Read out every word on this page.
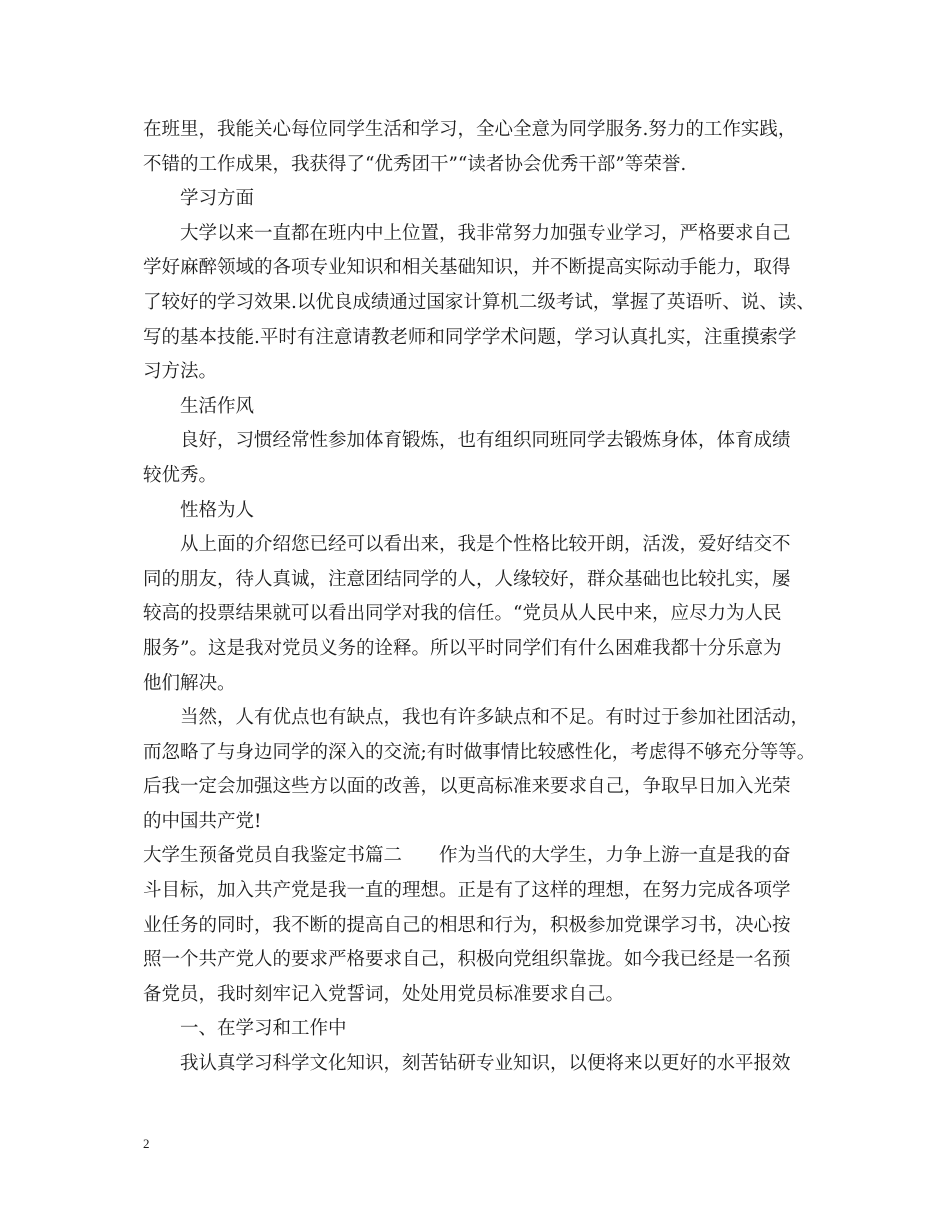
在班里，我能关心每位同学生活和学习，全心全意为同学服务.努力的工作实践，
不错的工作成果，我获得了“优秀团干”“读者协会优秀干部”等荣誉.
学习方面
大学以来一直都在班内中上位置，我非常努力加强专业学习，严格要求自己
学好麻醉领域的各项专业知识和相关基础知识，并不断提高实际动手能力，取得
了较好的学习效果.以优良成绩通过国家计算机二级考试，掌握了英语听、说、读、
写的基本技能.平时有注意请教老师和同学学术问题，学习认真扎实，注重摸索学
习方法。
生活作风
良好，习惯经常性参加体育锻炼，也有组织同班同学去锻炼身体，体育成绩
较优秀。
性格为人
从上面的介绍您已经可以看出来，我是个性格比较开朗，活泼，爱好结交不
同的朋友，待人真诚，注意团结同学的人，人缘较好，群众基础也比较扎实，屡
较高的投票结果就可以看出同学对我的信任。“党员从人民中来，应尽力为人民
服务”。这是我对党员义务的诠释。所以平时同学们有什么困难我都十分乐意为
他们解决。
当然，人有优点也有缺点，我也有许多缺点和不足。有时过于参加社团活动，
而忽略了与身边同学的深入的交流;有时做事情比较感性化，考虑得不够充分等等。
后我一定会加强这些方以面的改善，以更高标准来要求自己，争取早日加入光荣
的中国共产党!
大学生预备党员自我鉴定书篇二　　作为当代的大学生，力争上游一直是我的奋
斗目标，加入共产党是我一直的理想。正是有了这样的理想，在努力完成各项学
业任务的同时，我不断的提高自己的相思和行为，积极参加党课学习书，决心按
照一个共产党人的要求严格要求自己，积极向党组织靠拢。如今我已经是一名预
备党员，我时刻牢记入党誓词，处处用党员标准要求自己。
一、在学习和工作中
我认真学习科学文化知识，刻苦钻研专业知识，以便将来以更好的水平报效
2
